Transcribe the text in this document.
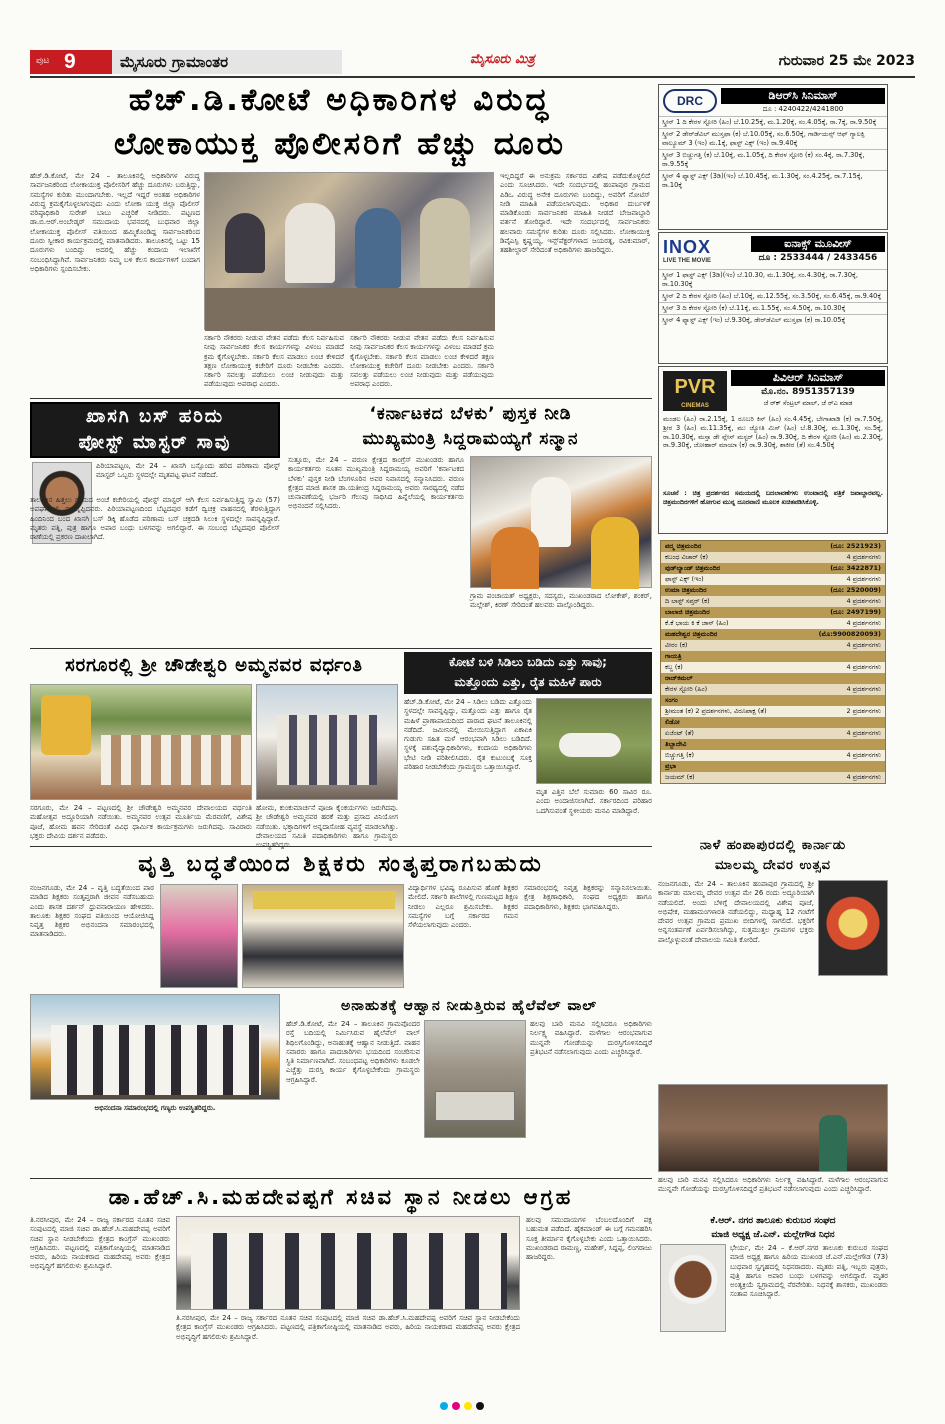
ಪುಟ 9	ಮೈಸೂರು ಗ್ರಾಮಾಂತರ	ಮೈಸೂರು ಮಿತ್ರ	ಗುರುವಾರ 25 ಮೇ 2023
ಹೆಚ್.ಡಿ.ಕೋಟೆ ಅಧಿಕಾರಿಗಳ ವಿರುದ್ಧ
ಲೋಕಾಯುಕ್ತ ಪೊಲೀಸರಿಗೆ ಹೆಚ್ಚು ದೂರು
ಹೆಚ್.ಡಿ.ಕೋಟೆ, ಮೇ 24 – ತಾಲೂಕಿನಲ್ಲಿ ಅಧಿಕಾರಿಗಳ ವಿರುದ್ಧ ಸಾರ್ವಜನಿಕರಿಂದ ಲೋಕಾಯುಕ್ತ ಪೊಲೀಸರಿಗೆ ಹೆಚ್ಚು ದೂರುಗಳು ಬರುತ್ತಿದ್ದು, ಸಮಸ್ಯೆಗಳ ಕುರಿತು ಮುಂದಾಗಬೇಕು. ಇಲ್ಲದೆ ಇದ್ದರೆ ಅಂತಹ ಅಧಿಕಾರಿಗಳ ವಿರುದ್ಧ ಕ್ರಮಕೈಗೊಳ್ಳಲಾಗುವುದು ಎಂದು ಲೋಕಾ ಯುಕ್ತ ಜಿಲ್ಲಾ ಪೊಲೀಸ್ ವರಿಷ್ಠಾಧಿಕಾರಿ ಸುರೇಶ್ ಬಾಬು ಎಚ್ಚರಿಕೆ ನೀಡಿದರು. ಪಟ್ಟಣದ ಡಾ.ಬಿ.ಆರ್.ಅಂಬೇಡ್ಕರ್ ಸಮುದಾಯ ಭವನದಲ್ಲಿ ಬುಧವಾರ ಜಿಲ್ಲಾ ಲೋಕಾಯುಕ್ತ ಪೊಲೀಸ್ ವತಿಯಿಂದ ಹಮ್ಮಿಕೊಂಡಿದ್ದ ಸಾರ್ವಜನಿಕರಿಂದ ದೂರು ಸ್ವೀಕಾರ ಕಾರ್ಯಕ್ರಮದಲ್ಲಿ ಮಾತನಾಡಿದರು. ತಾಲೂಕಿನಲ್ಲಿ ಒಟ್ಟು 15 ದೂರುಗಳು ಬಂದಿದ್ದು ಅದರಲ್ಲಿ ಹೆಚ್ಚು ಕಂದಾಯ ಇಲಾಖೆಗೆ ಸಂಬಂಧಿಸಿದ್ದಾಗಿವೆ. ಸಾರ್ವಜನಿಕರು ನಿಮ್ಮ ಬಳಿ ಕೆಲಸ ಕಾರ್ಯಗಳಿಗೆ ಬಂದಾಗ ಅಧಿಕಾರಿಗಳು ಸ್ಪಂದಿಸಬೇಕು.
ಸರ್ಕಾರಿ ನೌಕರರು ನೀಡುವ ವೇತನ ಪಡೆದು ಕೆಲಸ ನಿರ್ವಹಿಸುವ ನೀವು ಸಾರ್ವಜನಿಕರ ಕೆಲಸ ಕಾರ್ಯಗಳನ್ನು ವಿಳಂಬ ಮಾಡದೆ ಕ್ರಮ ಕೈಗೊಳ್ಳಬೇಕು. ಸರ್ಕಾರಿ ಕೆಲಸ ಮಾಡಲು ಲಂಚ ಕೇಳಿದರೆ ತಕ್ಷಣ ಲೋಕಾಯುಕ್ತ ಕಚೇರಿಗೆ ದೂರು ನೀಡಬೇಕು ಎಂದರು. ಸರ್ಕಾರಿ ಸವಲತ್ತು ಪಡೆಯಲು ಲಂಚ ನೀಡುವುದು ಮತ್ತು ಪಡೆಯುವುದು ಅಪರಾಧ ಎಂದರು.
ಸರ್ಕಾರಿ ನೌಕರರು ನೀಡುವ ವೇತನ ಪಡೆದು ಕೆಲಸ ನಿರ್ವಹಿಸುವ ನೀವು ಸಾರ್ವಜನಿಕರ ಕೆಲಸ ಕಾರ್ಯಗಳನ್ನು ವಿಳಂಬ ಮಾಡದೆ ಕ್ರಮ ಕೈಗೊಳ್ಳಬೇಕು. ಸರ್ಕಾರಿ ಕೆಲಸ ಮಾಡಲು ಲಂಚ ಕೇಳಿದರೆ ತಕ್ಷಣ ಲೋಕಾಯುಕ್ತ ಕಚೇರಿಗೆ ದೂರು ನೀಡಬೇಕು ಎಂದರು. ಸರ್ಕಾರಿ ಸವಲತ್ತು ಪಡೆಯಲು ಲಂಚ ನೀಡುವುದು ಮತ್ತು ಪಡೆಯುವುದು ಅಪರಾಧ ಎಂದರು.
ಇಲ್ಲದಿದ್ದರೆ ಈ ಅನುಕ್ರಮ ಸರ್ಕಾರದ ವಿಶೇಷ ಪಡೆದುಕೊಳ್ಳಲಿದೆ ಎಂದು ಸೂಚಿಸಿದರು. ಇದೇ ಸಂದರ್ಭದಲ್ಲಿ ಹಂಪಾಪುರ ಗ್ರಾಮದ ಪಿಡಿಒ ವಿರುದ್ಧ ಅನೇಕ ದೂರುಗಳು ಬಂದಿದ್ದು, ಅವರಿಗೆ ನೋಟಿಸ್ ನೀಡಿ ಮಾಹಿತಿ ಪಡೆಯಲಾಗುವುದು. ಅಧಿಕಾರ ದುರ್ಬಳಕೆ ಮಾಡಿಕೊಂಡು ಸಾರ್ವಜನಿಕರ ಮಾಹಿತಿ ನೀಡದೆ ಬೇಜವಾಬ್ದಾರಿ ವರ್ತನೆ ತೋರಿದ್ದಾರೆ. ಇದೇ ಸಂದರ್ಭದಲ್ಲಿ ಸಾರ್ವಜನಿಕರು ಹಲವಾರು ಸಮಸ್ಯೆಗಳ ಕುರಿತು ದೂರು ಸಲ್ಲಿಸಿದರು. ಲೋಕಾಯುಕ್ತ ಡಿವೈಎಸ್ಪಿ ಕೃಷ್ಣಯ್ಯ, ಇನ್ಸ್‌ಪೆಕ್ಟರ್‌ಗಳಾದ ಜಯರತ್ನ, ರವಿಕುಮಾರ್, ತಹಶೀಲ್ದಾರ್ ಸೇರಿದಂತೆ ಅಧಿಕಾರಿಗಳು ಹಾಜರಿದ್ದರು.
DRC	ಡಿಆರ್‌ಸಿ ಸಿನಿಮಾಸ್
ದೂ : 4240422/4241800
ಸ್ಕ್ರೀನ್ 1 ದಿ ಕೇರಳ ಸ್ಟೋರಿ (ಹಿಂ) ಬೆ.10.25ಕ್ಕೆ, ಮ.1.20ಕ್ಕೆ, ಸಂ.4.05ಕ್ಕೆ, ರಾ.7ಕ್ಕೆ, ರಾ.9.50ಕ್ಕೆ
ಸ್ಕ್ರೀನ್ 2 ಡೇರ್‌ಡೆವಿಲ್ ಮುಸ್ತಫಾ (ಕ) ಬೆ.10.05ಕ್ಕೆ, ಸಂ.6.50ಕ್ಕೆ, ಗಾರ್ಡಿಯನ್ಸ್ ಆಫ್ ಗ್ಯಾಲಕ್ಸಿ ವಾಲ್ಯೂಮ್ 3 (ಇಂ) ಮ.1ಕ್ಕೆ, ಫಾಸ್ಟ್ ಎಕ್ಸ್ (ಇಂ) ರಾ.9.40ಕ್ಕೆ
ಸ್ಕ್ರೀನ್ 3 ಬಿಚ್ಚುಗತ್ತಿ (ಕ) ಬೆ.10ಕ್ಕೆ, ಮ.1.05ಕ್ಕೆ, ದಿ ಕೇರಳ ಸ್ಟೋರಿ (ಕ) ಸಂ.4ಕ್ಕೆ, ರಾ.7.30ಕ್ಕೆ, ರಾ.9.55ಕ್ಕೆ
ಸ್ಕ್ರೀನ್ 4 ಫ್ಯಾಸ್ಟ್ ಎಕ್ಸ್ (3ಡಿ)(ಇಂ) ಬೆ.10.45ಕ್ಕೆ, ಮ.1.30ಕ್ಕೆ, ಸಂ.4.25ಕ್ಕೆ, ರಾ.7.15ಕ್ಕೆ, ರಾ.10ಕ್ಕೆ
INOX
LIVE THE MOVIE
ಐನಾಕ್ಸ್ ಮೂವೀಸ್
ದೂ : 2533444 / 2433456
ಸ್ಕ್ರೀನ್ 1 ಫಾಸ್ಟ್ ಎಕ್ಸ್ (3ಡಿ)(ಇಂ) ಬೆ.10.30, ಮ.1.30ಕ್ಕೆ, ಸಂ.4.30ಕ್ಕೆ, ರಾ.7.30ಕ್ಕೆ, ರಾ.10.30ಕ್ಕೆ
ಸ್ಕ್ರೀನ್ 2 ದಿ ಕೇರಳ ಸ್ಟೋರಿ (ಹಿಂ) ಬೆ.10ಕ್ಕೆ, ಮ.12.55ಕ್ಕೆ, ಸಂ.3.50ಕ್ಕೆ, ಸಂ.6.45ಕ್ಕೆ, ರಾ.9.40ಕ್ಕೆ
ಸ್ಕ್ರೀನ್ 3 ದಿ ಕೇರಳ ಸ್ಟೋರಿ (ಕ) ಬೆ.11ಕ್ಕೆ, ಮ.1.55ಕ್ಕೆ, ಸಂ.4.50ಕ್ಕೆ, ರಾ.10.30ಕ್ಕೆ
ಸ್ಕ್ರೀನ್ 4 ಫ್ಯಾಸ್ಟ್ ಎಕ್ಸ್ (ಇಂ) ಬೆ.9.30ಕ್ಕೆ, ಡೇರ್‌ಡೆವಿಲ್ ಮುಸ್ತಫಾ (ಕ) ರಾ.10.05ಕ್ಕೆ
PVR
CINEMAS
ಪಿವಿಆರ್ ಸಿನಿಮಾಸ್
ಮೊ.ನಂ. 8951357139
ಜೆ ರ್‌ಕ್ ಸೆಂಟ್ರಲ್ ಮಾಲ್, ಜೆ ರ್‌ಎ ಮಾಡ
ಮಂಡಲ (ಹಿಂ) ರಾ.2.15ಕ್ಕೆ, 1 ರೂಬರಿ ಕಿಸ್ (ಹಿಂ) ಸಂ.4.45ಕ್ಕೆ, ಬೇಗಾಖಾಡಿ (ಕ) ರಾ.7.50ಕ್ಕೆ, ಶ್ರೀರ 3 (ಹಿಂ) ಮ.11.35ಕ್ಕೆ, ಮು ಜ್ಯೋತಿ ಮಿಸ್ (ಹಿಂ) ಬೆ.8.30ಕ್ಕೆ, ಮ.1.30ಕ್ಕೆ, ಸಂ.5ಕ್ಕೆ, ರಾ.10.30ಕ್ಕೆ, ಮಸ್ತಾ ಡೇ ವ್ಲೇಸ್ ಮಸ್ಟರ್ (ಹಿಂ) ರಾ.9.30ಕ್ಕೆ, ದಿ ಕೇರಳ ಸ್ಟೋರಿ (ಹಿಂ) ಮ.2.30ಕ್ಕೆ, ರಾ.9.30ಕ್ಕೆ, ಜೋಹಾರ್ ಮಾಯಾ (ಕ) ರಾ.9.30ಕ್ಕೆ, ಶಾಕೀರ (ತೆ) ಸಂ.4.50ಕ್ಕೆ
ಸೂಚನೆ : ಚಿತ್ರ ಪ್ರದರ್ಶನದ ಸಮಯದಲ್ಲಿ ಬದಲಾವಣೆಗಳು ಉಂಟಾದಲ್ಲಿ ಪತ್ರಿಕೆ ಜವಾಬ್ದಾರವಲ್ಲ. ಚಿತ್ರಮಂದಿರಗಳಿಗೆ ಹೋಗುವ ಮುನ್ನ ದೂರವಾಣಿ ಮೂಲಕ ಖಚಿತಪಡಿಸಿಕೊಳ್ಳಿ.
ಪದ್ಮ ಚಿತ್ರಮಂದಿರ	(ದೂ: 2521923)
ಕಬಂಧ ವಿಚಾರ್ (ಕ)	4 ಪ್ರದರ್ಶನಗಳು
ವುಡ್‌ಲ್ಯಾಂಡ್ ಚಿತ್ರಮಂದಿರ	(ದೂ: 3422871)
ಫಾಸ್ಟ್ ಎಕ್ಸ್ (ಇಂ)	4 ಪ್ರದರ್ಶನಗಳು
ಉಮಾ ಚಿತ್ರಮಂದಿರ	(ದೂ: 2520009)
ದಿ ಲಾಸ್ಟ್ ಸಪ್ತರ್ (ಕ)	4 ಪ್ರದರ್ಶನಗಳು
ಬಾಲಾಜಿ ಚಿತ್ರಮಂದಿರ	(ದೂ: 2497199)
ಕೆ.ಕೆ ಭಾಯ ಕಿ ಕೆ ಜಾನ್ (ಹಿಂ)	4 ಪ್ರದರ್ಶನಗಳು
ಮಹದೇಶ್ವರ ಚಿತ್ರಮಂದಿರ	(ಮೊ:9900820093)
ವೀರಂ (ಕ)	4 ಪ್ರದರ್ಶನಗಳು
ಗಾಯತ್ರಿ
ಕಬ್ಜ (ಕ)	4 ಪ್ರದರ್ಶನಗಳು
ರಾಜ್‌ಕಮಲ್
ಕೇರಳ ಸ್ಟೋರಿ (ಹಿಂ)	4 ಪ್ರದರ್ಶನಗಳು
ಸಂಗಂ
ಶ್ರೀಮಂತ (ಕ) 2 ಪ್ರದರ್ಶನಗಳು, ವಿರೂಪಾಕ್ಷ (ತೆ)	2 ಪ್ರದರ್ಶನಗಳು
ಲಿಡೋ
ಏಜೆಂಟ್ (ತೆ)	4 ಪ್ರದರ್ಶನಗಳು
ತಿಬ್ಬಾದೇವಿ
ಬಿಚ್ಚುಗತ್ತಿ (ಕ)	4 ಪ್ರದರ್ಶನಗಳು
ಪ್ರಭಾ
ಜಯಮ್ (ಕ)	4 ಪ್ರದರ್ಶನಗಳು
ಖಾಸಗಿ ಬಸ್ ಹರಿದು
ಪೋಸ್ಟ್ ಮಾಸ್ಟರ್ ಸಾವು
ಪಿರಿಯಾಪಟ್ಟಣ, ಮೇ 24 – ಖಾಸಗಿ ಬಸ್ಸೊಂದು ಹರಿದ ಪರಿಣಾಮ ಪೋಸ್ಟ್ ಮಾಸ್ಟರ್ ಒಬ್ಬರು ಸ್ಥಳದಲ್ಲೇ ಮೃತಪಟ್ಟ ಘಟನೆ ನಡೆದಿದೆ.
ತಾಲೂಕಿನ ಹಿತ್ತಲು ಗ್ರಾಮದ ಅಂಚೆ ಕಚೇರಿಯಲ್ಲಿ ಪೋಸ್ಟ್ ಮಾಸ್ಟರ್ ಆಗಿ ಕೆಲಸ ನಿರ್ವಹಿಸುತ್ತಿದ್ದ ಸ್ವಾಮಿ (57) ಅಪಘಾತದಲ್ಲಿ ಸಾವನ್ನಪ್ಪಿದವರು. ಪಿರಿಯಾಪಟ್ಟಣದಿಂದ ಬೆಟ್ಟದಪುರ ಕಡೆಗೆ ದ್ವಿಚಕ್ರ ವಾಹನದಲ್ಲಿ ತೆರಳುತ್ತಿದ್ದಾಗ ಹಿಂದಿನಿಂದ ಬಂದ ಖಾಸಗಿ ಬಸ್ ಡಿಕ್ಕಿ ಹೊಡೆದ ಪರಿಣಾಮ ಬಸ್ ಚಕ್ರದಡಿ ಸಿಲುಕಿ ಸ್ಥಳದಲ್ಲೇ ಸಾವನ್ನಪ್ಪಿದ್ದಾರೆ. ಮೃತರು ಪತ್ನಿ, ಪುತ್ರ ಹಾಗೂ ಅಪಾರ ಬಂಧು ಬಳಗವನ್ನು ಅಗಲಿದ್ದಾರೆ. ಈ ಸಂಬಂಧ ಬೆಟ್ಟದಪುರ ಪೊಲೀಸ್ ಠಾಣೆಯಲ್ಲಿ ಪ್ರಕರಣ ದಾಖಲಾಗಿದೆ.
‘ಕರ್ನಾಟಕದ ಬೆಳಕು’ ಪುಸ್ತಕ ನೀಡಿ
ಮುಖ್ಯಮಂತ್ರಿ ಸಿದ್ದರಾಮಯ್ಯಗೆ ಸನ್ಮಾನ
ಸುತ್ತೂರು, ಮೇ 24 – ವರುಣ ಕ್ಷೇತ್ರದ ಕಾಂಗ್ರೆಸ್ ಮುಖಂಡರು ಹಾಗೂ ಕಾರ್ಯಕರ್ತರು ನೂತನ ಮುಖ್ಯಮಂತ್ರಿ ಸಿದ್ದರಾಮಯ್ಯ ಅವರಿಗೆ ‘ಕರ್ನಾಟಕದ ಬೆಳಕು’ ಪುಸ್ತಕ ನೀಡಿ ಬೆಂಗಳೂರಿನ ಅವರ ನಿವಾಸದಲ್ಲಿ ಸನ್ಮಾನಿಸಿದರು. ವರುಣ ಕ್ಷೇತ್ರದ ಮಾಜಿ ಶಾಸಕ ಡಾ.ಯತೀಂದ್ರ ಸಿದ್ದರಾಮಯ್ಯ ಅವರು ಸಾರಥ್ಯದಲ್ಲಿ ನಡೆದ ಚುನಾವಣೆಯಲ್ಲಿ ಭರ್ಜರಿ ಗೆಲುವು ಸಾಧಿಸಿದ ಹಿನ್ನೆಲೆಯಲ್ಲಿ ಕಾರ್ಯಕರ್ತರು ಅಭಿನಂದನೆ ಸಲ್ಲಿಸಿದರು.
ಗ್ರಾಮ ಪಂಚಾಯತ್ ಅಧ್ಯಕ್ಷರು, ಸದಸ್ಯರು, ಮುಖಂಡರಾದ ಲೋಕೇಶ್, ಶಂಕರ್, ಮಲ್ಲೇಶ್, ಕಿರಣ್ ಸೇರಿದಂತೆ ಹಲವರು ಪಾಲ್ಗೊಂಡಿದ್ದರು.
ಸರಗೂರಲ್ಲಿ ಶ್ರೀ ಚೌಡೇಶ್ವರಿ ಅಮ್ಮನವರ ವರ್ಧಂತಿ
ಸರಗೂರು, ಮೇ 24 – ಪಟ್ಟಣದಲ್ಲಿ ಶ್ರೀ ಚೌಡೇಶ್ವರಿ ಅಮ್ಮನವರ ದೇವಾಲಯದ ವರ್ಧಂತಿ ಮಹೋತ್ಸವ ಅದ್ದೂರಿಯಾಗಿ ನಡೆಯಿತು. ಅಮ್ಮನವರ ಉತ್ಸವ ಮೂರ್ತಿಯ ಮೆರವಣಿಗೆ, ವಿಶೇಷ ಪೂಜೆ, ಹೋಮ ಹವನ ಸೇರಿದಂತೆ ವಿವಿಧ ಧಾರ್ಮಿಕ ಕಾರ್ಯಕ್ರಮಗಳು ಜರುಗಿದವು. ಸಾವಿರಾರು ಭಕ್ತರು ದೇವಿಯ ದರ್ಶನ ಪಡೆದರು.
ಹೋಮ, ಕುಂಕುಮಾರ್ಚನೆ ಪೂಜಾ ಕೈಂಕರ್ಯಗಳು ಜರುಗಿದವು. ಶ್ರೀ ಚೌಡೇಶ್ವರಿ ಅಮ್ಮನವರ ಹರಕೆ ಮತ್ತು ಪ್ರಸಾದ ವಿನಿಯೋಗ ನಡೆಯಿತು. ಭಕ್ತಾದಿಗಳಿಗೆ ಅನ್ನದಾಸೋಹ ವ್ಯವಸ್ಥೆ ಮಾಡಲಾಗಿತ್ತು. ದೇವಾಲಯದ ಸಮಿತಿ ಪದಾಧಿಕಾರಿಗಳು ಹಾಗೂ ಗ್ರಾಮಸ್ಥರು
ಕೋಟೆ ಬಳಿ ಸಿಡಿಲು ಬಡಿದು ಎತ್ತು ಸಾವು;
ಮತ್ತೊಂದು ಎತ್ತು, ರೈತ ಮಹಿಳೆ ಪಾರು
ಹೆಚ್.ಡಿ.ಕೋಟೆ, ಮೇ 24 – ಸಿಡಿಲು ಬಡಿದು ಎತ್ತೊಂದು ಸ್ಥಳದಲ್ಲೇ ಸಾವನ್ನಪ್ಪಿದ್ದು, ಮತ್ತೊಂದು ಎತ್ತು ಹಾಗೂ ರೈತ ಮಹಿಳೆ ಪ್ರಾಣಾಪಾಯದಿಂದ ಪಾರಾದ ಘಟನೆ ತಾಲೂಕಿನಲ್ಲಿ ನಡೆದಿದೆ. ಜಮೀನಿನಲ್ಲಿ ಮೇಯಿಸುತ್ತಿದ್ದಾಗ ಏಕಾಏಕಿ ಗುಡುಗು ಸಹಿತ ಮಳೆ ಆರಂಭವಾಗಿ ಸಿಡಿಲು ಬಡಿದಿದೆ. ಸ್ಥಳಕ್ಕೆ ಪಶುವೈದ್ಯಾಧಿಕಾರಿಗಳು, ಕಂದಾಯ ಅಧಿಕಾರಿಗಳು ಭೇಟಿ ನೀಡಿ ಪರಿಶೀಲಿಸಿದರು. ರೈತ ಕುಟುಂಬಕ್ಕೆ ಸೂಕ್ತ ಪರಿಹಾರ ನೀಡಬೇಕೆಂದು ಗ್ರಾಮಸ್ಥರು ಒತ್ತಾಯಿಸಿದ್ದಾರೆ.
ಮೃತ ಎತ್ತಿನ ಬೆಲೆ ಸುಮಾರು 60 ಸಾವಿರ ರೂ. ಎಂದು ಅಂದಾಜಿಸಲಾಗಿದೆ. ಸರ್ಕಾರದಿಂದ ಪರಿಹಾರ ಒದಗಿಸುವಂತೆ ಸ್ಥಳೀಯರು ಮನವಿ ಮಾಡಿದ್ದಾರೆ.
ವೃತ್ತಿ ಬದ್ಧತೆಯಿಂದ ಶಿಕ್ಷಕರು ಸಂತೃಪ್ತರಾಗಬಹುದು
ನಂಜನಗೂಡು, ಮೇ 24 – ವೃತ್ತಿ ಬದ್ಧತೆಯಿಂದ ಪಾಠ ಮಾಡಿದ ಶಿಕ್ಷಕರು ಸಂತೃಪ್ತರಾಗಿ ಜೀವನ ನಡೆಸಬಹುದು ಎಂದು ಶಾಸಕ ದರ್ಶನ್ ಧ್ರುವನಾರಾಯಣ ಹೇಳಿದರು. ತಾಲೂಕು ಶಿಕ್ಷಕರ ಸಂಘದ ವತಿಯಿಂದ ಆಯೋಜಿಸಿದ್ದ ನಿವೃತ್ತ ಶಿಕ್ಷಕರ ಅಭಿನಂದನಾ ಸಮಾರಂಭದಲ್ಲಿ ಮಾತನಾಡಿದರು.
ವಿದ್ಯಾರ್ಥಿಗಳ ಭವಿಷ್ಯ ರೂಪಿಸುವ ಹೊಣೆ ಶಿಕ್ಷಕರ ಮೇಲಿದೆ. ಸರ್ಕಾರಿ ಶಾಲೆಗಳಲ್ಲಿ ಗುಣಮಟ್ಟದ ಶಿಕ್ಷಣ ನೀಡಲು ಎಲ್ಲರೂ ಶ್ರಮಿಸಬೇಕು. ಶಿಕ್ಷಕರ ಸಮಸ್ಯೆಗಳ ಬಗ್ಗೆ ಸರ್ಕಾರದ ಗಮನ ಸೆಳೆಯಲಾಗುವುದು ಎಂದರು.
ಸಮಾರಂಭದಲ್ಲಿ ನಿವೃತ್ತ ಶಿಕ್ಷಕರನ್ನು ಸನ್ಮಾನಿಸಲಾಯಿತು. ಕ್ಷೇತ್ರ ಶಿಕ್ಷಣಾಧಿಕಾರಿ, ಸಂಘದ ಅಧ್ಯಕ್ಷರು ಹಾಗೂ ಪದಾಧಿಕಾರಿಗಳು, ಶಿಕ್ಷಕರು ಭಾಗವಹಿಸಿದ್ದರು.
ನಾಳೆ ಹಂಪಾಪುರದಲ್ಲಿ ಕಾರ್ನಾಡು
ಮಾಲಮ್ಮ ದೇವರ ಉತ್ಸವ
ನಂಜನಗೂಡು, ಮೇ 24 – ತಾಲೂಕಿನ ಹಂಪಾಪುರ ಗ್ರಾಮದಲ್ಲಿ ಶ್ರೀ ಕಾರ್ನಾಡು ಮಾಲಮ್ಮ ದೇವರ ಉತ್ಸವ ಮೇ 26 ರಂದು ಅದ್ದೂರಿಯಾಗಿ ನಡೆಯಲಿದೆ. ಅಂದು ಬೆಳಿಗ್ಗೆ ದೇವಾಲಯದಲ್ಲಿ ವಿಶೇಷ ಪೂಜೆ, ಅಭಿಷೇಕ, ಮಹಾಮಂಗಳಾರತಿ ನಡೆಯಲಿದ್ದು, ಮಧ್ಯಾಹ್ನ 12 ಗಂಟೆಗೆ ದೇವರ ಉತ್ಸವ ಗ್ರಾಮದ ಪ್ರಮುಖ ಬೀದಿಗಳಲ್ಲಿ ಸಾಗಲಿದೆ. ಭಕ್ತರಿಗೆ ಅನ್ನಸಂತರ್ಪಣೆ ಏರ್ಪಡಿಸಲಾಗಿದ್ದು, ಸುತ್ತಮುತ್ತಲ ಗ್ರಾಮಗಳ ಭಕ್ತರು ಪಾಲ್ಗೊಳ್ಳುವಂತೆ ದೇವಾಲಯ ಸಮಿತಿ ಕೋರಿದೆ.
ಹಲವು ಬಾರಿ ಮನವಿ ಸಲ್ಲಿಸಿದರೂ ಅಧಿಕಾರಿಗಳು ನಿರ್ಲಕ್ಷ್ಯ ವಹಿಸಿದ್ದಾರೆ. ಮಳೆಗಾಲ ಆರಂಭವಾಗುವ ಮುನ್ನವೇ ಗೋಡೆಯನ್ನು ದುರಸ್ತಿಗೊಳಿಸದಿದ್ದರೆ ಪ್ರತಿಭಟನೆ ನಡೆಸಲಾಗುವುದು ಎಂದು ಎಚ್ಚರಿಸಿದ್ದಾರೆ.
ಅಭಿನಂದನಾ ಸಮಾರಂಭದಲ್ಲಿ ಗಣ್ಯರು ಉಪಸ್ಥಿತರಿದ್ದರು.
ಅನಾಹುತಕ್ಕೆ ಆಹ್ವಾನ ನೀಡುತ್ತಿರುವ ಹೈಲೆವೆಲ್ ವಾಲ್
ಹೆಚ್.ಡಿ.ಕೋಟೆ, ಮೇ 24 – ತಾಲೂಕಿನ ಗ್ರಾಮವೊಂದರ ರಸ್ತೆ ಬದಿಯಲ್ಲಿ ನಿರ್ಮಿಸಿರುವ ಹೈಲೆವೆಲ್ ವಾಲ್ ಶಿಥಿಲಗೊಂಡಿದ್ದು, ಅನಾಹುತಕ್ಕೆ ಆಹ್ವಾನ ನೀಡುತ್ತಿದೆ. ವಾಹನ ಸವಾರರು ಹಾಗೂ ಪಾದಚಾರಿಗಳು ಭಯದಿಂದ ಸಂಚರಿಸುವ ಸ್ಥಿತಿ ನಿರ್ಮಾಣವಾಗಿದೆ. ಸಂಬಂಧಪಟ್ಟ ಅಧಿಕಾರಿಗಳು ಕೂಡಲೇ ಎಚ್ಚೆತ್ತು ದುರಸ್ತಿ ಕಾರ್ಯ ಕೈಗೊಳ್ಳಬೇಕೆಂದು ಗ್ರಾಮಸ್ಥರು ಆಗ್ರಹಿಸಿದ್ದಾರೆ.
ಹಲವು ಬಾರಿ ಮನವಿ ಸಲ್ಲಿಸಿದರೂ ಅಧಿಕಾರಿಗಳು ನಿರ್ಲಕ್ಷ್ಯ ವಹಿಸಿದ್ದಾರೆ. ಮಳೆಗಾಲ ಆರಂಭವಾಗುವ ಮುನ್ನವೇ ಗೋಡೆಯನ್ನು ದುರಸ್ತಿಗೊಳಿಸದಿದ್ದರೆ ಪ್ರತಿಭಟನೆ ನಡೆಸಲಾಗುವುದು ಎಂದು ಎಚ್ಚರಿಸಿದ್ದಾರೆ.
ಡಾ.ಹೆಚ್.ಸಿ.ಮಹದೇವಪ್ಪಗೆ ಸಚಿವ ಸ್ಥಾನ ನೀಡಲು ಆಗ್ರಹ
ತಿ.ನರಸೀಪುರ, ಮೇ 24 – ರಾಜ್ಯ ಸರ್ಕಾರದ ನೂತನ ಸಚಿವ ಸಂಪುಟದಲ್ಲಿ ಮಾಜಿ ಸಚಿವ ಡಾ.ಹೆಚ್.ಸಿ.ಮಹದೇವಪ್ಪ ಅವರಿಗೆ ಸಚಿವ ಸ್ಥಾನ ನೀಡಬೇಕೆಂದು ಕ್ಷೇತ್ರದ ಕಾಂಗ್ರೆಸ್ ಮುಖಂಡರು ಆಗ್ರಹಿಸಿದರು. ಪಟ್ಟಣದಲ್ಲಿ ಪತ್ರಿಕಾಗೋಷ್ಠಿಯಲ್ಲಿ ಮಾತನಾಡಿದ ಅವರು, ಹಿರಿಯ ನಾಯಕರಾದ ಮಹದೇವಪ್ಪ ಅವರು ಕ್ಷೇತ್ರದ ಅಭಿವೃದ್ಧಿಗೆ ಹಗಲಿರುಳು ಶ್ರಮಿಸಿದ್ದಾರೆ.
ಹಲವು ಸಮುದಾಯಗಳ ಬೆಂಬಲದೊಂದಿಗೆ ಪಕ್ಷ ಬಹುಮತ ಪಡೆದಿದೆ. ಹೈಕಮಾಂಡ್ ಈ ಬಗ್ಗೆ ಗಮನಹರಿಸಿ ಸೂಕ್ತ ತೀರ್ಮಾನ ಕೈಗೊಳ್ಳಬೇಕು ಎಂದು ಒತ್ತಾಯಿಸಿದರು. ಮುಖಂಡರಾದ ರಾಮಣ್ಣ, ಮಹೇಶ್, ಸಿದ್ದಪ್ಪ, ಲಿಂಗರಾಜು ಹಾಜರಿದ್ದರು.
ತಿ.ನರಸೀಪುರ, ಮೇ 24 – ರಾಜ್ಯ ಸರ್ಕಾರದ ನೂತನ ಸಚಿವ ಸಂಪುಟದಲ್ಲಿ ಮಾಜಿ ಸಚಿವ ಡಾ.ಹೆಚ್.ಸಿ.ಮಹದೇವಪ್ಪ ಅವರಿಗೆ ಸಚಿವ ಸ್ಥಾನ ನೀಡಬೇಕೆಂದು ಕ್ಷೇತ್ರದ ಕಾಂಗ್ರೆಸ್ ಮುಖಂಡರು ಆಗ್ರಹಿಸಿದರು. ಪಟ್ಟಣದಲ್ಲಿ ಪತ್ರಿಕಾಗೋಷ್ಠಿಯಲ್ಲಿ ಮಾತನಾಡಿದ ಅವರು, ಹಿರಿಯ ನಾಯಕರಾದ ಮಹದೇವಪ್ಪ ಅವರು ಕ್ಷೇತ್ರದ ಅಭಿವೃದ್ಧಿಗೆ ಹಗಲಿರುಳು ಶ್ರಮಿಸಿದ್ದಾರೆ.
ಕೆ.ಆರ್. ನಗರ ತಾಲೂಕು ಕುರುಬರ ಸಂಘದ
ಮಾಜಿ ಅಧ್ಯಕ್ಷ ಜೆ.ಎನ್. ಮಲ್ಲೇಗೌಡ ನಿಧನ
ಭೇರ್ಯ, ಮೇ 24 – ಕೆ.ಆರ್.ನಗರ ತಾಲೂಕು ಕುರುಬರ ಸಂಘದ ಮಾಜಿ ಅಧ್ಯಕ್ಷ ಹಾಗೂ ಹಿರಿಯ ಮುಖಂಡ ಜೆ.ಎನ್.ಮಲ್ಲೇಗೌಡ (73) ಬುಧವಾರ ಸ್ವಗೃಹದಲ್ಲಿ ನಿಧನರಾದರು. ಮೃತರು ಪತ್ನಿ, ಇಬ್ಬರು ಪುತ್ರರು, ಪುತ್ರಿ ಹಾಗೂ ಅಪಾರ ಬಂಧು ಬಳಗವನ್ನು ಅಗಲಿದ್ದಾರೆ. ಮೃತರ ಅಂತ್ಯಕ್ರಿಯೆ ಸ್ವಗ್ರಾಮದಲ್ಲಿ ನೆರವೇರಿತು. ನಿಧನಕ್ಕೆ ಶಾಸಕರು, ಮುಖಂಡರು ಸಂತಾಪ ಸೂಚಿಸಿದ್ದಾರೆ.
